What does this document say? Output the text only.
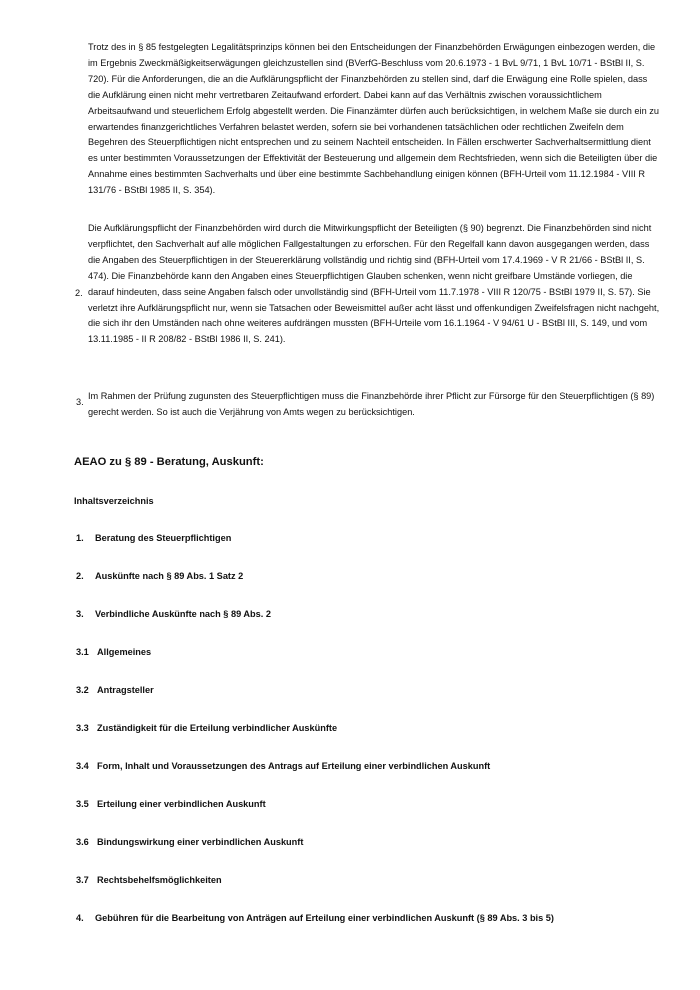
Trotz des in § 85 festgelegten Legalitätsprinzips können bei den Entscheidungen der Finanzbehörden Erwägungen einbezogen werden, die im Ergebnis Zweckmäßigkeitserwägungen gleichzustellen sind (BVerfG-Beschluss vom 20.6.1973 - 1 BvL 9/71, 1 BvL 10/71 - BStBl II, S. 720). Für die Anforderungen, die an die Aufklärungspflicht der Finanzbehörden zu stellen sind, darf die Erwägung eine Rolle spielen, dass die Aufklärung einen nicht mehr vertretbaren Zeitaufwand erfordert. Dabei kann auf das Verhältnis zwischen voraussichtlichem Arbeitsaufwand und steuerlichem Erfolg abgestellt werden. Die Finanzämter dürfen auch berücksichtigen, in welchem Maße sie durch ein zu erwartendes finanzgerichtliches Verfahren belastet werden, sofern sie bei vorhandenen tatsächlichen oder rechtlichen Zweifeln dem Begehren des Steuerpflichtigen nicht entsprechen und zu seinem Nachteil entscheiden. In Fällen erschwerter Sachverhaltsermittlung dient es unter bestimmten Voraussetzungen der Effektivität der Besteuerung und allgemein dem Rechtsfrieden, wenn sich die Beteiligten über die Annahme eines bestimmten Sachverhalts und über eine bestimmte Sachbehandlung einigen können (BFH-Urteil vom 11.12.1984 - VIII R 131/76 - BStBl 1985 II, S. 354).

2.

Die Aufklärungspflicht der Finanzbehörden wird durch die Mitwirkungspflicht der Beteiligten (§ 90) begrenzt. Die Finanzbehörden sind nicht verpflichtet, den Sachverhalt auf alle möglichen Fallgestaltungen zu erforschen. Für den Regelfall kann davon ausgegangen werden, dass die Angaben des Steuerpflichtigen in der Steuererklärung vollständig und richtig sind (BFH-Urteil vom 17.4.1969 - V R 21/66 - BStBl II, S. 474). Die Finanzbehörde kann den Angaben eines Steuerpflichtigen Glauben schenken, wenn nicht greifbare Umstände vorliegen, die darauf hindeuten, dass seine Angaben falsch oder unvollständig sind (BFH-Urteil vom 11.7.1978 - VIII R 120/75 - BStBl 1979 II, S. 57). Sie verletzt ihre Aufklärungspflicht nur, wenn sie Tatsachen oder Beweismittel außer acht lässt und offenkundigen Zweifelsfragen nicht nachgeht, die sich ihr den Umständen nach ohne weiteres aufdrängen mussten (BFH-Urteile vom 16.1.1964 - V 94/61 U - BStBl III, S. 149, und vom 13.11.1985 - II R 208/82 - BStBl 1986 II, S. 241).

3.

Im Rahmen der Prüfung zugunsten des Steuerpflichtigen muss die Finanzbehörde ihrer Pflicht zur Fürsorge für den Steuerpflichtigen (§ 89) gerecht werden. So ist auch die Verjährung von Amts wegen zu berücksichtigen.

AEAO zu § 89 - Beratung, Auskunft:
Inhaltsverzeichnis
1. Beratung des Steuerpflichtigen
2. Auskünfte nach § 89 Abs. 1 Satz 2
3. Verbindliche Auskünfte nach § 89 Abs. 2
3.1 Allgemeines
3.2 Antragsteller
3.3 Zuständigkeit für die Erteilung verbindlicher Auskünfte
3.4 Form, Inhalt und Voraussetzungen des Antrags auf Erteilung einer verbindlichen Auskunft
3.5 Erteilung einer verbindlichen Auskunft
3.6 Bindungswirkung einer verbindlichen Auskunft
3.7 Rechtsbehelfsmöglichkeiten
4. Gebühren für die Bearbeitung von Anträgen auf Erteilung einer verbindlichen Auskunft (§ 89 Abs. 3 bis 5)
